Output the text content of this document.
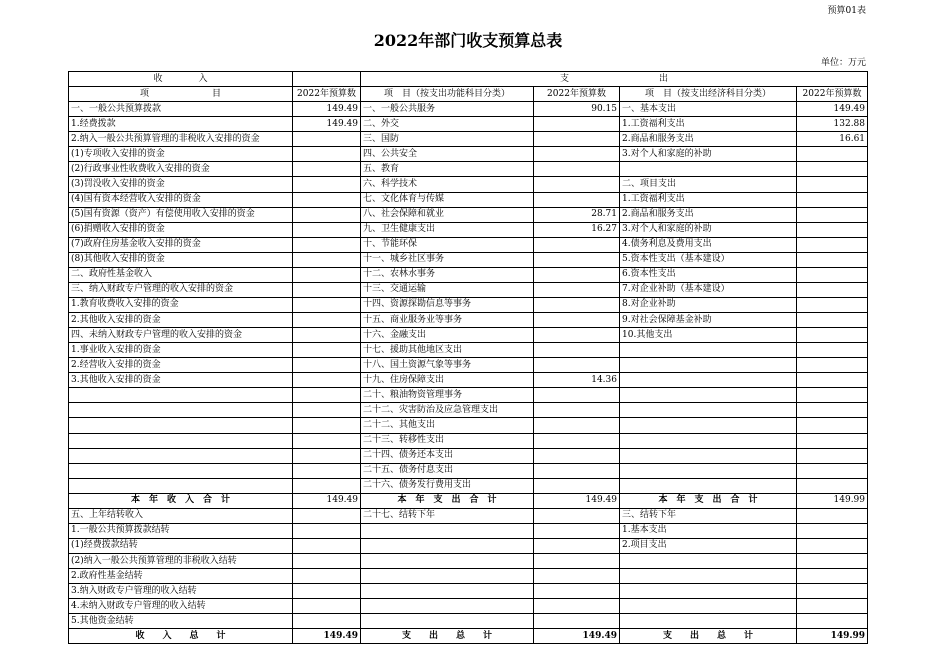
预算01表
2022年部门收支预算总表
单位：万元
收　　　　入		支　　　　　　　　　　出			
项　　　　　　　目	2022年预算数	项　目（按支出功能科目分类）	2022年预算数	项　目（按支出经济科目分类）	2022年预算数
一、一般公共预算拨款	149.49	一、一般公共服务	90.15	一、基本支出	149.49
1.经费拨款	149.49	二、外交		1.工资福利支出	132.88
2.纳入一般公共预算管理的非税收入安排的资金		三、国防		2.商品和服务支出	16.61
(1)专项收入安排的资金		四、公共安全		3.对个人和家庭的补助	
(2)行政事业性收费收入安排的资金		五、教育			
(3)罚没收入安排的资金		六、科学技术		二、项目支出	
(4)国有资本经营收入安排的资金		七、文化体育与传媒		1.工资福利支出	
(5)国有资源（资产）有偿使用收入安排的资金		八、社会保障和就业	28.71	2.商品和服务支出	
(6)捐赠收入安排的资金		九、卫生健康支出	16.27	3.对个人和家庭的补助	
(7)政府住房基金收入安排的资金		十、节能环保		4.债务利息及费用支出	
(8)其他收入安排的资金		十一、城乡社区事务		5.资本性支出（基本建设）	
二、政府性基金收入		十二、农林水事务		6.资本性支出	
三、纳入财政专户管理的收入安排的资金		十三、交通运输		7.对企业补助（基本建设）	
1.教育收费收入安排的资金		十四、资源探勘信息等事务		8.对企业补助	
2.其他收入安排的资金		十五、商业服务业等事务		9.对社会保障基金补助	
四、未纳入财政专户管理的收入安排的资金		十六、金融支出		10.其他支出	
1.事业收入安排的资金		十七、援助其他地区支出			
2.经营收入安排的资金		十八、国土资源气象等事务			
3.其他收入安排的资金		十九、住房保障支出	14.36		
		二十、粮油物资管理事务			
		二十二、灾害防治及应急管理支出			
		二十二、其他支出			
		二十三、转移性支出			
		二十四、债务还本支出			
		二十五、债务付息支出			
		二十六、债务发行费用支出			
本　年　收　入　合　计	149.49	本　年　支　出　合　计	149.49	本　年　支　出　合　计	149.99
五、上年结转收入		二十七、结转下年		三、结转下年	
1.一般公共预算拨款结转				1.基本支出	
(1)经费拨款结转				2.项目支出	
(2)纳入一般公共预算管理的非税收入结转					
2.政府性基金结转					
3.纳入财政专户管理的收入结转					
4.未纳入财政专户管理的收入结转					
5.其他资金结转					
收　　入　　总　　计	149.49	支　　出　　总　　计	149.49	支　　出　　总　　计	149.99
